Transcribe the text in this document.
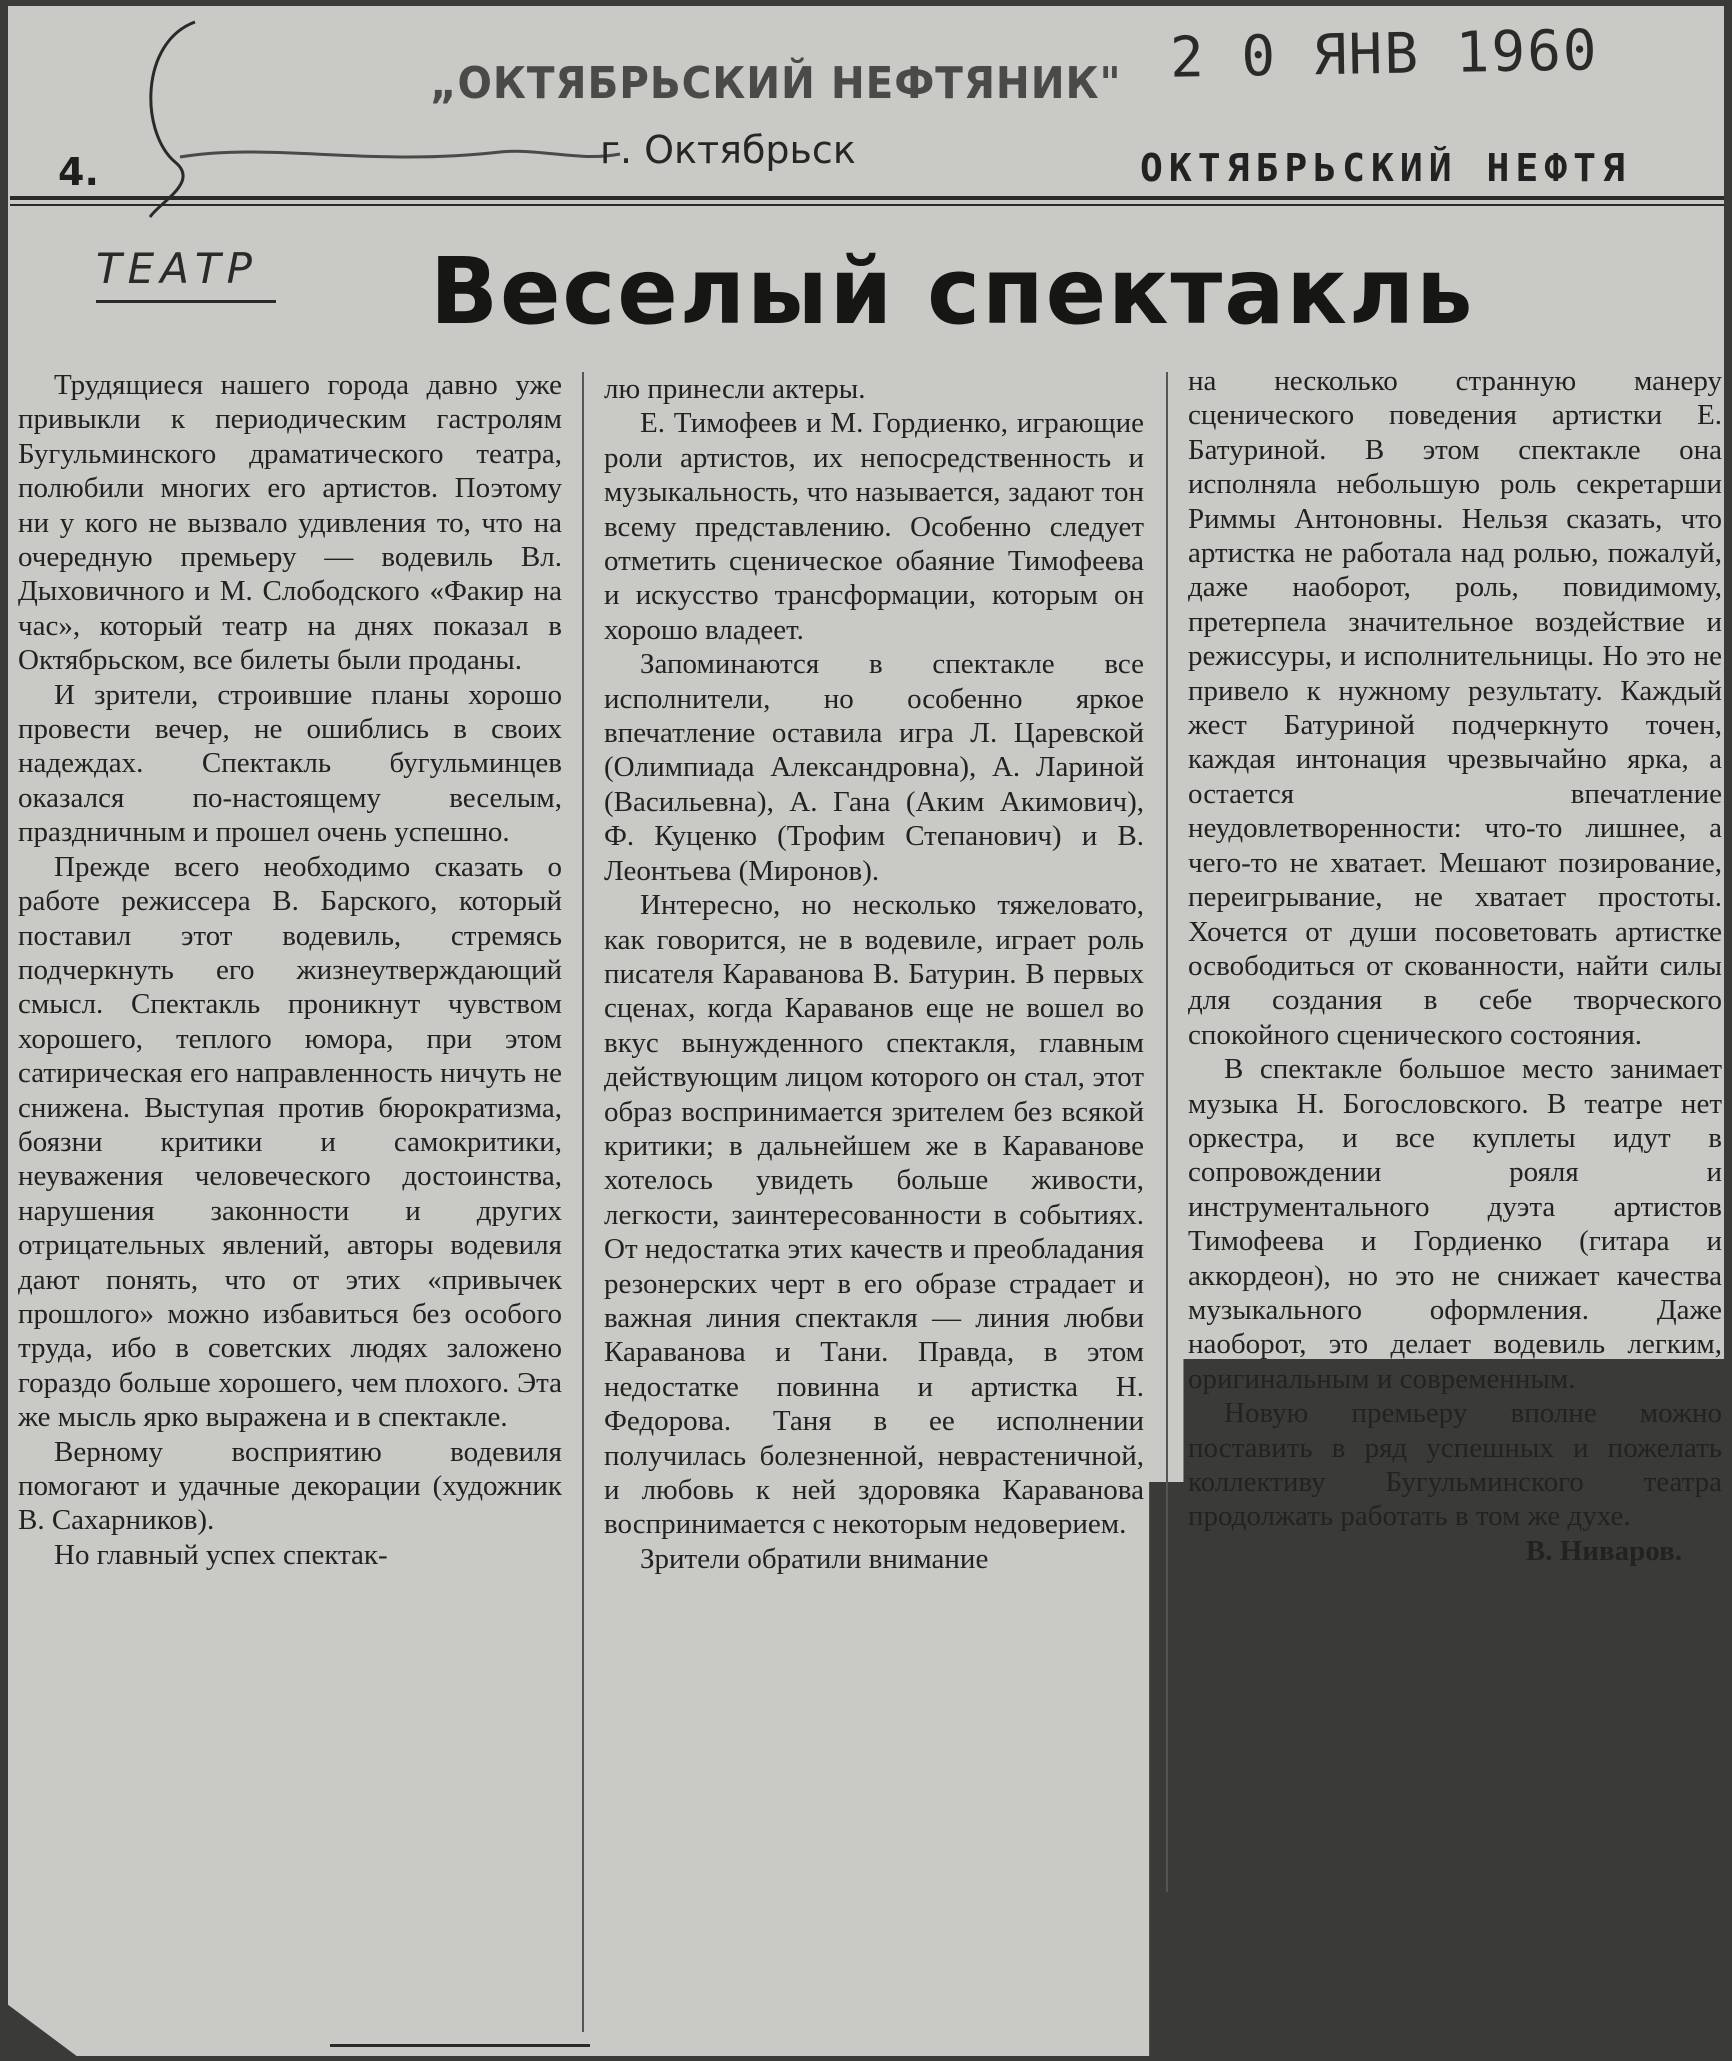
2 0 ЯНВ 1960
„ОКТЯБРЬСКИЙ НЕФТЯНИК"
г. Октябрьск
4.	ОКТЯБРЬСКИЙ НЕФТЯ
ТЕАТР Веселый спектакль

Трудящиеся нашего города давно уже привыкли к периодическим гастролям Бугульминского драматического театра, полюбили многих его артистов. Поэтому ни у кого не вызвало удивления то, что на очередную премьеру — водевиль Вл. Дыховичного и М. Слободского «Факир на час», который театр на днях показал в Октябрьском, все билеты были проданы.

И зрители, строившие планы хорошо провести вечер, не ошиблись в своих надеждах. Спектакль бугульминцев оказался по-настоящему веселым, праздничным и прошел очень успешно.

Прежде всего необходимо сказать о работе режиссера В. Барского, который поставил этот водевиль, стремясь подчеркнуть его жизнеутверждающий смысл. Спектакль проникнут чувством хорошего, теплого юмора, при этом сатирическая его направленность ничуть не снижена. Выступая против бюрократизма, боязни критики и самокритики, неуважения человеческого достоинства, нарушения законности и других отрицательных явлений, авторы водевиля дают понять, что от этих «привычек прошлого» можно избавиться без особого труда, ибо в советских людях заложено гораздо больше хорошего, чем плохого. Эта же мысль ярко выражена и в спектакле.

Верному восприятию водевиля помогают и удачные декорации (художник В. Сахарников).

Но главный успех спектак-

лю принесли актеры.

Е. Тимофеев и М. Гордиенко, играющие роли артистов, их непосредственность и музыкальность, что называется, задают тон всему представлению. Особенно следует отметить сценическое обаяние Тимофеева и искусство трансформации, которым он хорошо владеет.

Запоминаются в спектакле все исполнители, но особенно яркое впечатление оставила игра Л. Царевской (Олимпиада Александровна), А. Лариной (Васильевна), А. Гана (Аким Акимович), Ф. Куценко (Трофим Степанович) и В. Леонтьева (Миронов).

Интересно, но несколько тяжеловато, как говорится, не в водевиле, играет роль писателя Караванова В. Батурин. В первых сценах, когда Караванов еще не вошел во вкус вынужденного спектакля, главным действующим лицом которого он стал, этот образ воспринимается зрителем без всякой критики; в дальнейшем же в Караванове хотелось увидеть больше живости, легкости, заинтересованности в событиях. От недостатка этих качеств и преобладания резонерских черт в его образе страдает и важная линия спектакля — линия любви Караванова и Тани. Правда, в этом недостатке повинна и артистка Н. Федорова. Таня в ее исполнении получилась болезненной, неврастеничной, и любовь к ней здоровяка Караванова воспринимается с некоторым недоверием.

Зрители обратили внимание

на несколько странную манеру сценического поведения артистки Е. Батуриной. В этом спектакле она исполняла небольшую роль секретарши Риммы Антоновны. Нельзя сказать, что артистка не работала над ролью, пожалуй, даже наоборот, роль, повидимому, претерпела значительное воздействие и режиссуры, и исполнительницы. Но это не привело к нужному результату. Каждый жест Батуриной подчеркнуто точен, каждая интонация чрезвычайно ярка, а остается впечатление неудовлетворенности: что-то лишнее, а чего-то не хватает. Мешают позирование, переигрывание, не хватает простоты. Хочется от души посоветовать артистке освободиться от скованности, найти силы для создания в себе творческого спокойного сценического состояния.

В спектакле большое место занимает музыка Н. Богословского. В театре нет оркестра, и все куплеты идут в сопровождении рояля и инструментального дуэта артистов Тимофеева и Гордиенко (гитара и аккордеон), но это не снижает качества музыкального оформления. Даже наоборот, это делает водевиль легким, оригинальным и современным.

Новую премьеру вполне можно поставить в ряд успешных и пожелать коллективу Бугульминского театра продолжать работать в том же духе.
В. Ниваров.
